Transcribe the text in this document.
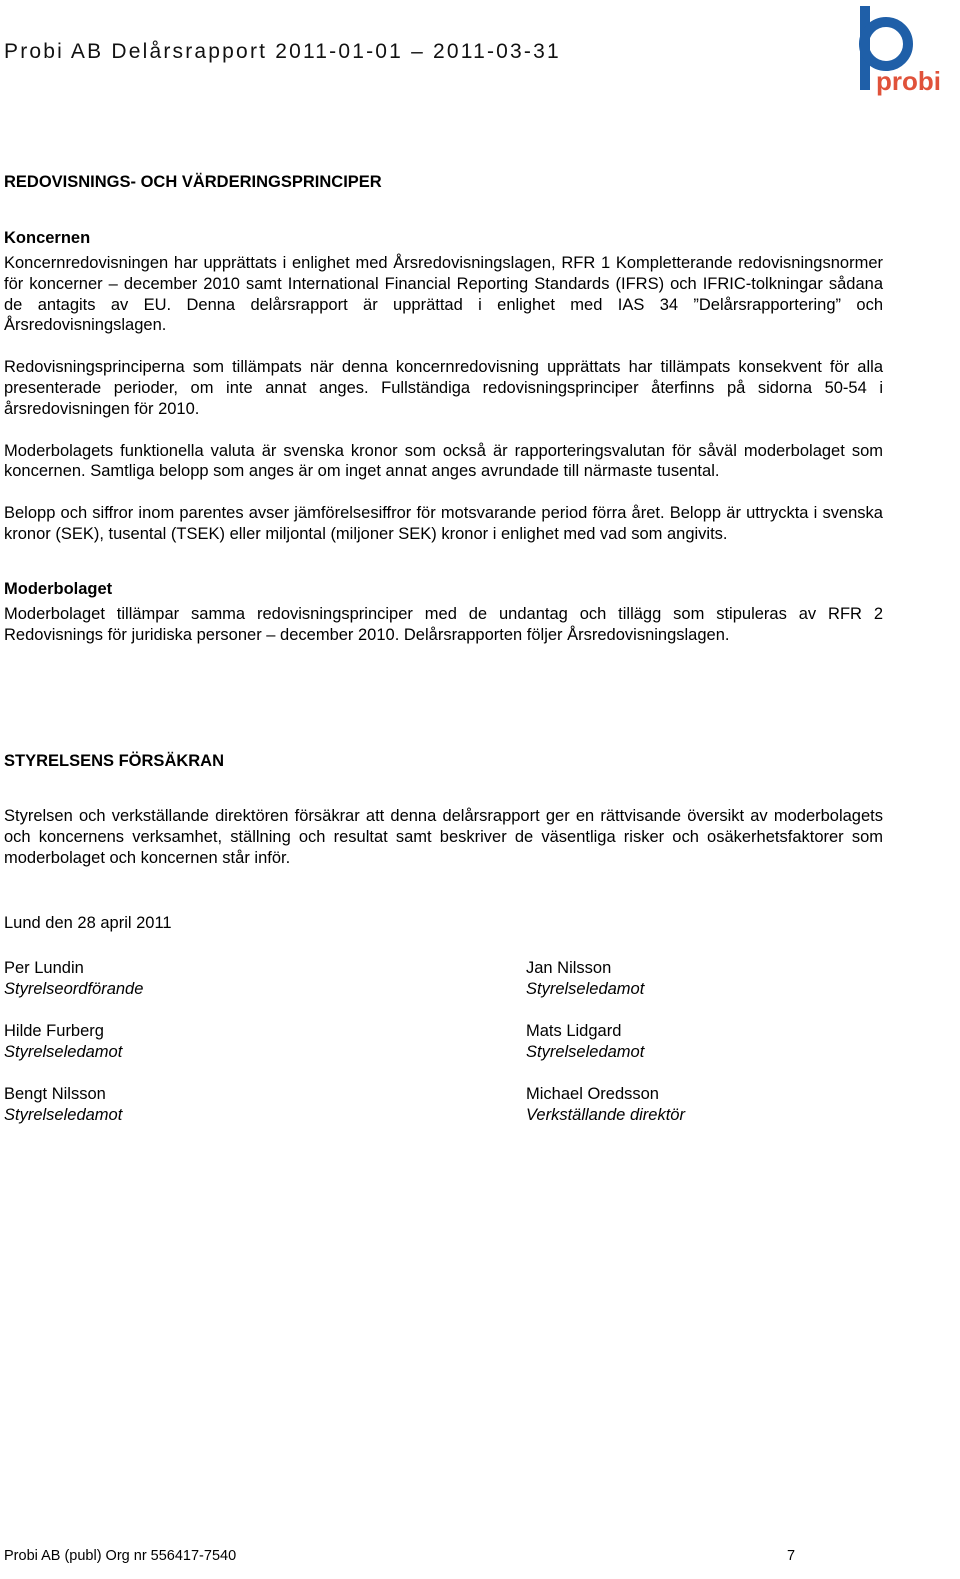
Probi AB Delårsrapport 2011-01-01 – 2011-03-31
probi
REDOVISNINGS- OCH VÄRDERINGSPRINCIPER
Koncernen

Koncernredovisningen har upprättats i enlighet med Årsredovisningslagen, RFR 1 Kompletterande redovisningsnormer för koncerner – december 2010 samt International Financial Reporting Standards (IFRS) och IFRIC-tolkningar sådana de antagits av EU. Denna delårsrapport är upprättad i enlighet med IAS 34 ”Delårsrapportering” och Årsredovisningslagen.

Redovisningsprinciperna som tillämpats när denna koncernredovisning upprättats har tillämpats konsekvent för alla presenterade perioder, om inte annat anges. Fullständiga redovisningsprinciper återfinns på sidorna 50-54 i årsredovisningen för 2010.

Moderbolagets funktionella valuta är svenska kronor som också är rapporteringsvalutan för såväl moderbolaget som koncernen. Samtliga belopp som anges är om inget annat anges avrundade till närmaste tusental.

Belopp och siffror inom parentes avser jämförelsesiffror för motsvarande period förra året. Belopp är uttryckta i svenska kronor (SEK), tusental (TSEK) eller miljontal (miljoner SEK) kronor i enlighet med vad som angivits.

Moderbolaget

Moderbolaget tillämpar samma redovisningsprinciper med de undantag och tillägg som stipuleras av RFR 2 Redovisnings för juridiska personer – december 2010. Delårsrapporten följer Årsredovisningslagen.

STYRELSENS FÖRSÄKRAN

Styrelsen och verkställande direktören försäkrar att denna delårsrapport ger en rättvisande översikt av moderbolagets och koncernens verksamhet, ställning och resultat samt beskriver de väsentliga risker och osäkerhetsfaktorer som moderbolaget och koncernen står inför.

Lund den 28 april 2011
Per Lundin
Styrelseordförande
Jan Nilsson
Styrelseledamot
Hilde Furberg
Styrelseledamot
Mats Lidgard
Styrelseledamot
Bengt Nilsson
Styrelseledamot
Michael Oredsson
Verkställande direktör
Probi AB (publ) Org nr 556417-7540	7
